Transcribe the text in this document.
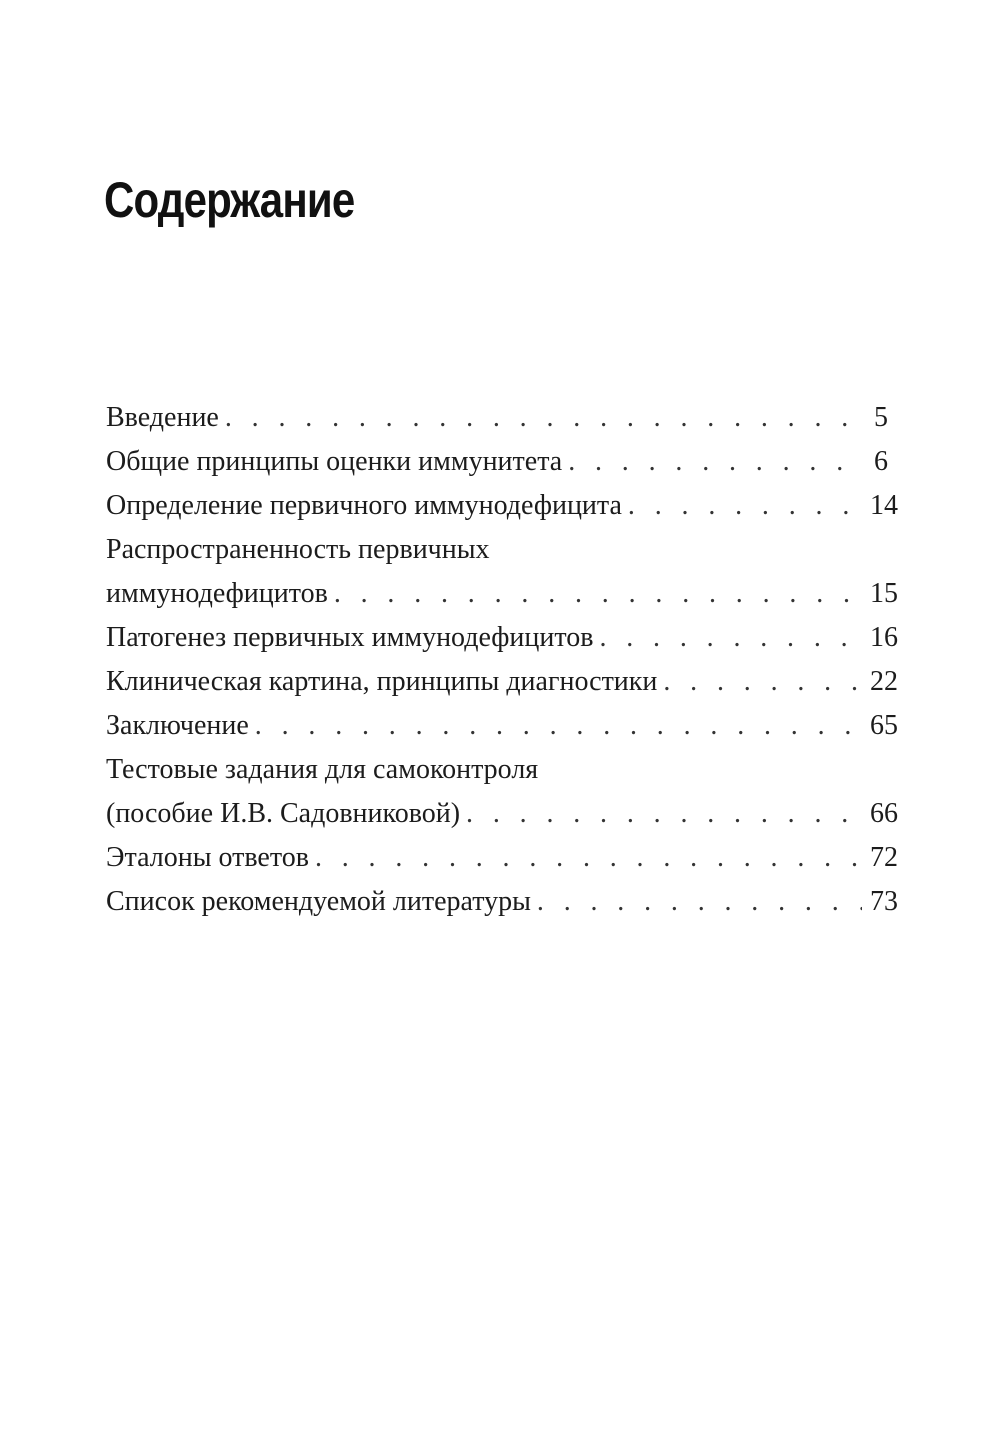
Содержание
Введение . . .	5
Общие принципы оценки иммунитета . . .	6
Определение первичного иммунодефицита . . .	14
Распространенность первичных
иммунодефицитов . . .	15
Патогенез первичных иммунодефицитов . . .	16
Клиническая картина, принципы диагностики . . .	22
Заключение . . .	65
Тестовые задания для самоконтроля
(пособие И.В. Садовниковой) . . .	66
Эталоны ответов . . .	72
Список рекомендуемой литературы . . .	73
